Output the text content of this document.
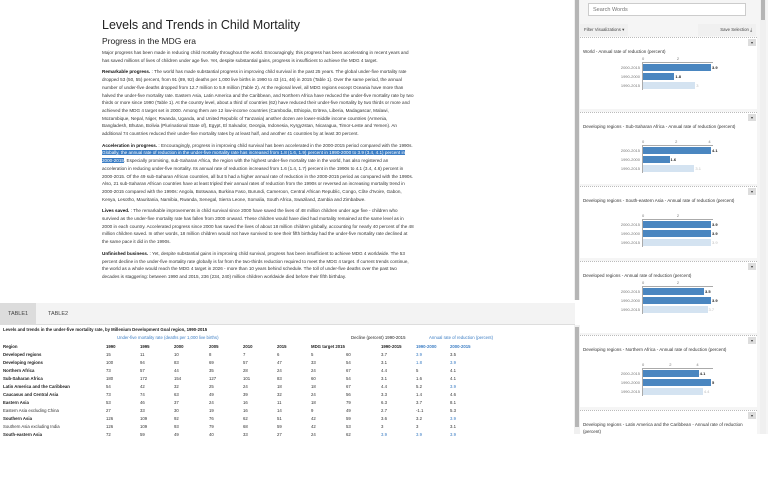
Levels and Trends in Child Mortality
Progress in the MDG era

Major progress has been made in reducing child mortality throughout the world. Encouragingly, this progress has been accelerating in recent years and has saved millions of lives of children under age five. Yet, despite substantial gains, progress is insufficient to achieve the MDG 4 target.

Remarkable progress. : The world has made substantial progress in improving child survival in the past 25 years. The global under-five mortality rate dropped 53 (50, 55) percent, from 91 (89, 92) deaths per 1,000 live births in 1990 to 43 (41, 46) in 2015 (Table 1). Over the same period, the annual number of under-five deaths dropped from 12.7 million to 5.9 million (Table 2). At the regional level, all MDG regions except Oceania have more than halved the under-five mortality rate. Eastern Asia, Latin America and the Caribbean, and Northern Africa have reduced the under-five mortality rate by two thirds or more since 1990 (Table 1). At the country level, about a third of countries (62) have reduced their under-five mortality by two thirds or more and achieved the MDG 4 target set in 2000. Among them are 12 low-income countries (Cambodia, Ethiopia, Eritrea, Liberia, Madagascar, Malawi, Mozambique, Nepal, Niger, Rwanda, Uganda, and United Republic of Tanzania) another dozen are lower-middle income countries (Armenia, Bangladesh, Bhutan, Bolivia (Plurinational State of), Egypt, El Salvador, Georgia, Indonesia, Kyrgyzstan, Nicaragua, Timor-Leste and Yemen). An additional 74 countries reduced their under-five mortality rates by at least half, and another 41 countries by at least 30 percent.

Acceleration in progress. : Encouragingly, progress in improving child survival has been accelerated in the 2000-2015 period compared with the 1990s. Globally, the annual rate of reduction in the under-five mortality rate has increased from 1.8 (1.6, 1.9) percent in 1990-2000 to 3.9 (3.4, 4.1) percent in 2000-2015. Especially promising, sub-Saharan Africa, the region with the highest under-five mortality rate in the world, has also registered an acceleration in reducing under-five mortality. Its annual rate of reduction increased from 1.6 (1.4, 1.7) percent in the 1990s to 4.1 (3.4, 4.6) percent in 2000-2015. Of the 49 sub-Saharan African countries, all but 5 had a higher annual rate of reduction in the 2000-2015 period as compared with the 1990s. Also, 21 sub-Saharan African countries have at least tripled their annual rates of reduction from the 1990s or reversed an increasing mortality trend in 2000-2015 compared with the 1990s: Angola, Botswana, Burkina Faso, Burundi, Cameroon, Central African Republic, Congo, Côte d'Ivoire, Gabon, Kenya, Lesotho, Mauritania, Namibia, Rwanda, Senegal, Sierra Leone, Somalia, South Africa, Swaziland, Zambia and Zimbabwe.

Lives saved. : The remarkable improvements in child survival since 2000 have saved the lives of 48 million children under age five - children who survived as the under-five mortality rate has fallen from 2000 onward. These children would have died had mortality remained at the same level as in 2000 in each country. Accelerated progress since 2000 has saved the lives of about 18 million children globally, accounting for nearly 40 percent of the 48 million children saved. In other words, 18 million children would not have survived to see their fifth birthday had the under-five mortality rate declined at the same pace it did in the 1990s.

Unfinished business. : Yet, despite substantial gains in improving child survival, progress has been insufficient to achieve MDG 4 worldwide. The 53 percent decline in the under-five mortality rate globally is far from the two-thirds reduction required to meet the MDG 4 target. If current trends continue, the world as a whole would reach the MDG 4 target in 2026 - more than 10 years behind schedule. The toll of under-five deaths over the past two decades is staggering: between 1990 and 2015, 236 (234, 240) million children worldwide died before their fifth birthday.

TABLE1	TABLE2
Levels and trends in the under-five mortality rate, by Millenium Development Goal region, 1990-2015
Under-five mortality rate (deaths per 1,000 live births)	Decline (percent) 1990-2015	Annual rate of reduction (percent)
Region	1990	1995	2000	2005	2010	2015	MDG target 2015	1990-2015	1990-2000	2000-2015
Developed regions	15	11	10	8	7	6	5	60	3.7	3.9	3.5
Developing regions	100	94	83	69	57	47	33	54	3.1	1.8	3.9
Northern Africa	73	57	44	35	28	24	24	67	4.4	5	4.1
Sub-Saharan Africa	180	172	154	127	101	83	60	54	3.1	1.6	4.1
Latin America and the Caribbean	54	42	32	25	24	18	18	67	4.4	5.2	3.9
Caucasus and Central Asia	73	74	63	49	39	32	24	56	3.3	1.4	4.6
Eastern Asia	53	46	37	24	16	11	18	79	6.3	3.7	8.1
Eastern Asia excluding China	27	33	30	19	16	14	9	49	2.7	-1.1	5.3
Southern Asia	126	109	92	76	62	51	42	59	3.6	3.2	3.9
Southern Asia excluding India	126	109	93	79	68	59	42	53	3	3	3.1
South-eastern Asia	72	59	49	40	33	27	24	62	3.9	3.9	3.9
Search Words
Filter Visualizations ▾	Save Selection ⤓
▾
World - Annual rate of reduction (percent)
0	2
2000-2015	3.9
1990-2000	1.8
1990-2015	3
▾
Developing regions - Sub-Saharan Africa - Annual rate of reduction (percent)
0	2	4
2000-2015	4.1
1990-2000	1.6
1990-2015	3.1
▾
Developing regions - South-eastern Asia - Annual rate of reduction (percent)
0	2
2000-2015	3.9
1990-2000	3.9
1990-2015	3.9
▾
Developed regions - Annual rate of reduction (percent)
0	2
2000-2015	3.5
1990-2000	3.9
1990-2015	3.7
▾
Developing regions - Northern Africa - Annual rate of reduction (percent)
0	2	4
2000-2015	4.1
1990-2000	5
1990-2015	4.4
▾
Developing regions - Latin America and the Caribbean - Annual rate of reduction (percent)
